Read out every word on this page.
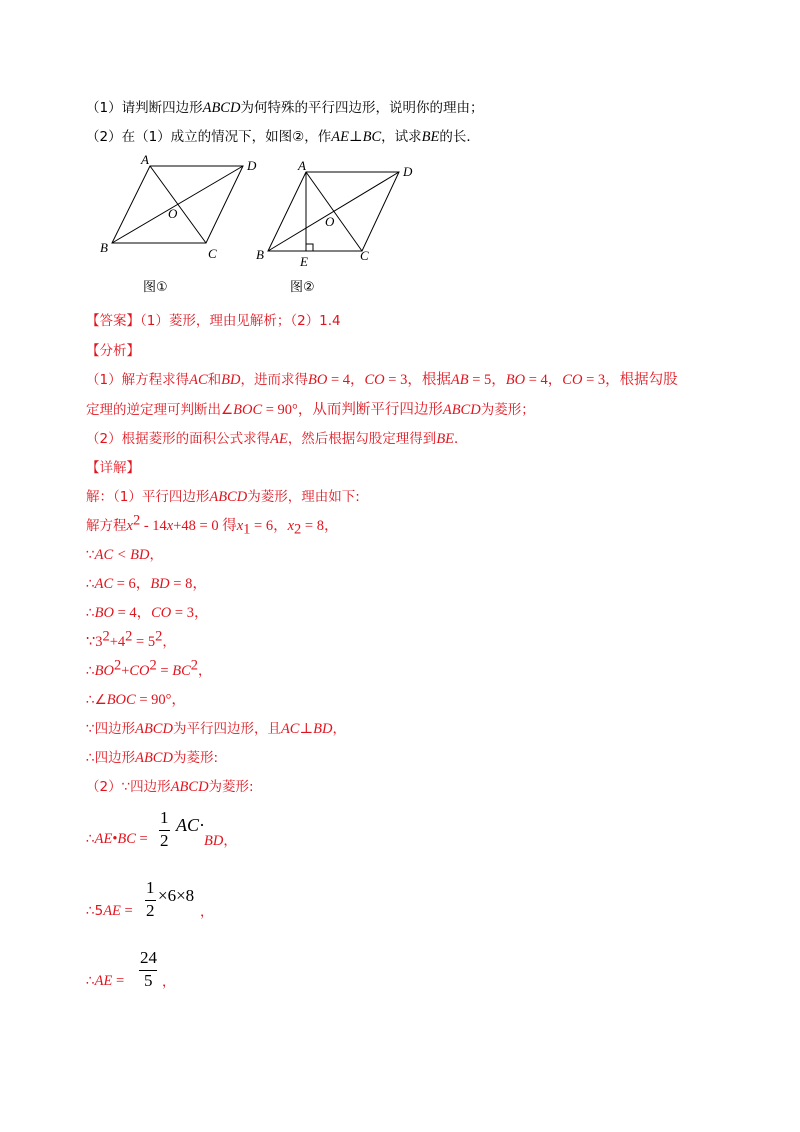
（1）请判断四边形ABCD为何特殊的平行四边形，说明你的理由；
（2）在（1）成立的情况下，如图②，作AE⊥BC，试求BE的长．
A	D
B	C
O
A	D
B	C
O
E
图①	图②
【答案】（1）菱形，理由见解析；（2）1.4
【分析】
（1）解方程求得AC和BD，进而求得BO = 4，CO = 3，根据AB = 5，BO = 4，CO = 3，根据勾股
定理的逆定理可判断出∠BOC = 90°，从而判断平行四边形ABCD为菱形；
（2）根据菱形的面积公式求得AE，然后根据勾股定理得到BE．
【详解】
解：（1）平行四边形ABCD为菱形，理由如下:
解方程$x^2 - 14x+48 = 0$ 得$x_1 = 6$，$x_2 = 8$，
∵AC < BD，
∴AC = 6，BD = 8，
∴BO = 4，CO = 3，
$\because 3^2+4^2 = 5^2$，
$\therefore BO^2+CO^2 = BC^2$，
∴∠BOC = 90°，
∵四边形ABCD为平行四边形，且AC⊥BD，
∴四边形ABCD为菱形:
（2）∵四边形ABCD为菱形:
∴AE•BC =
1
2
AC·
BD，
∴5AE =
1
2
×6×8
，
∴AE =
24
5 ，
